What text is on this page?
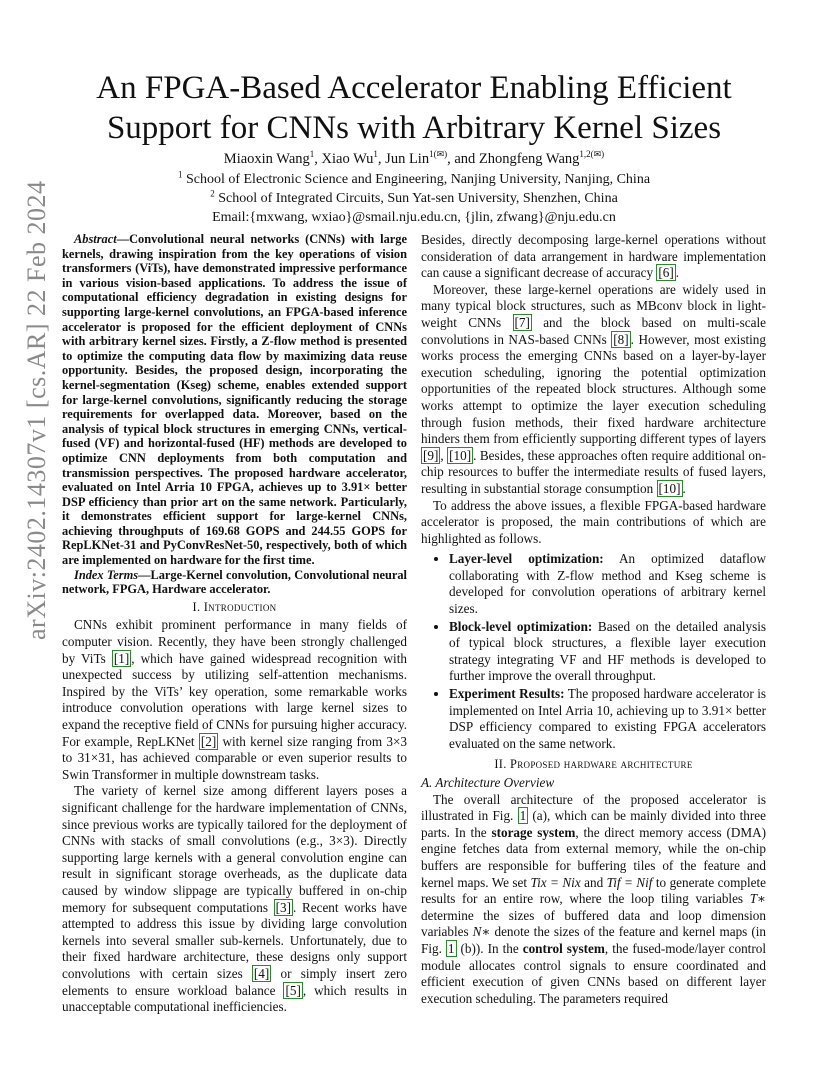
arXiv:2402.14307v1 [cs.AR] 22 Feb 2024
An FPGA-Based Accelerator Enabling Efficient
Support for CNNs with Arbitrary Kernel Sizes
Miaoxin Wang$^1$, Xiao Wu$^1$, Jun Lin$^{1(✉)}$, and Zhongfeng Wang$^{1,2(✉)}$
$^1$ School of Electronic Science and Engineering, Nanjing University, Nanjing, China
$^2$ School of Integrated Circuits, Sun Yat-sen University, Shenzhen, China
Email:{mxwang, wxiao}@smail.nju.edu.cn, {jlin, zfwang}@nju.edu.cn

Abstract—Convolutional neural networks (CNNs) with large kernels, drawing inspiration from the key operations of vision transformers (ViTs), have demonstrated impressive performance in various vision-based applications. To address the issue of computational efficiency degradation in existing designs for supporting large-kernel convolutions, an FPGA-based inference accelerator is proposed for the efficient deployment of CNNs with arbitrary kernel sizes. Firstly, a Z-flow method is presented to optimize the computing data flow by maximizing data reuse opportunity. Besides, the proposed design, incorporating the kernel-segmentation (Kseg) scheme, enables extended support for large-kernel convolutions, significantly reducing the storage requirements for overlapped data. Moreover, based on the analysis of typical block structures in emerging CNNs, vertical-fused (VF) and horizontal-fused (HF) methods are developed to optimize CNN deployments from both computation and transmission perspectives. The proposed hardware accelerator, evaluated on Intel Arria 10 FPGA, achieves up to 3.91× better DSP efficiency than prior art on the same network. Particularly, it demonstrates efficient support for large-kernel CNNs, achieving throughputs of 169.68 GOPS and 244.55 GOPS for RepLKNet-31 and PyConvResNet-50, respectively, both of which are implemented on hardware for the first time.

Index Terms—Large-Kernel convolution, Convolutional neural network, FPGA, Hardware accelerator.

I. Introduction

CNNs exhibit prominent performance in many fields of computer vision. Recently, they have been strongly challenged by ViTs [1] , which have gained widespread recognition with unexpected success by utilizing self-attention mechanisms. Inspired by the ViTs’ key operation, some remarkable works introduce convolution operations with large kernel sizes to expand the receptive field of CNNs for pursuing higher accuracy. For example, RepLKNet [2] with kernel size ranging from 3×3 to 31×31, has achieved comparable or even superior results to Swin Transformer in multiple downstream tasks.

The variety of kernel size among different layers poses a significant challenge for the hardware implementation of CNNs, since previous works are typically tailored for the deployment of CNNs with stacks of small convolutions (e.g., 3×3). Directly supporting large kernels with a general convolution engine can result in significant storage overheads, as the duplicate data caused by window slippage are typically buffered in on-chip memory for subsequent computations [3] . Recent works have attempted to address this issue by dividing large convolution kernels into several smaller sub-kernels. Unfortunately, due to their fixed hardware architecture, these designs only support convolutions with certain sizes [4] or simply insert zero elements to ensure workload balance [5] , which results in unacceptable computational inefficiencies.

Besides, directly decomposing large-kernel operations without consideration of data arrangement in hardware implementation can cause a significant decrease of accuracy [6] .

Moreover, these large-kernel operations are widely used in many typical block structures, such as MBconv block in light-weight CNNs [7] and the block based on multi-scale convolutions in NAS-based CNNs [8] . However, most existing works process the emerging CNNs based on a layer-by-layer execution scheduling, ignoring the potential optimization opportunities of the repeated block structures. Although some works attempt to optimize the layer execution scheduling through fusion methods, their fixed hardware architecture hinders them from efficiently supporting different types of layers [9] , [10] . Besides, these approaches often require additional on-chip resources to buffer the intermediate results of fused layers, resulting in substantial storage consumption [10] .

To address the above issues, a flexible FPGA-based hardware accelerator is proposed, the main contributions of which are highlighted as follows.

• Layer-level optimization: An optimized dataflow collaborating with Z-flow method and Kseg scheme is developed for convolution operations of arbitrary kernel sizes.
• Block-level optimization: Based on the detailed analysis of typical block structures, a flexible layer execution strategy integrating VF and HF methods is developed to further improve the overall throughput.
• Experiment Results: The proposed hardware accelerator is implemented on Intel Arria 10, achieving up to 3.91× better DSP efficiency compared to existing FPGA accelerators evaluated on the same network.
II. Proposed hardware architecture

A. Architecture Overview

The overall architecture of the proposed accelerator is illustrated in Fig. 1 (a), which can be mainly divided into three parts. In the storage system, the direct memory access (DMA) engine fetches data from external memory, while the on-chip buffers are responsible for buffering tiles of the feature and kernel maps. We set Tix = Nix and Tif = Nif to generate complete results for an entire row, where the loop tiling variables T∗ determine the sizes of buffered data and loop dimension variables N∗ denote the sizes of the feature and kernel maps (in Fig. 1 (b)). In the control system, the fused-mode/layer control module allocates control signals to ensure coordinated and efficient execution of given CNNs based on different layer execution scheduling. The parameters required
